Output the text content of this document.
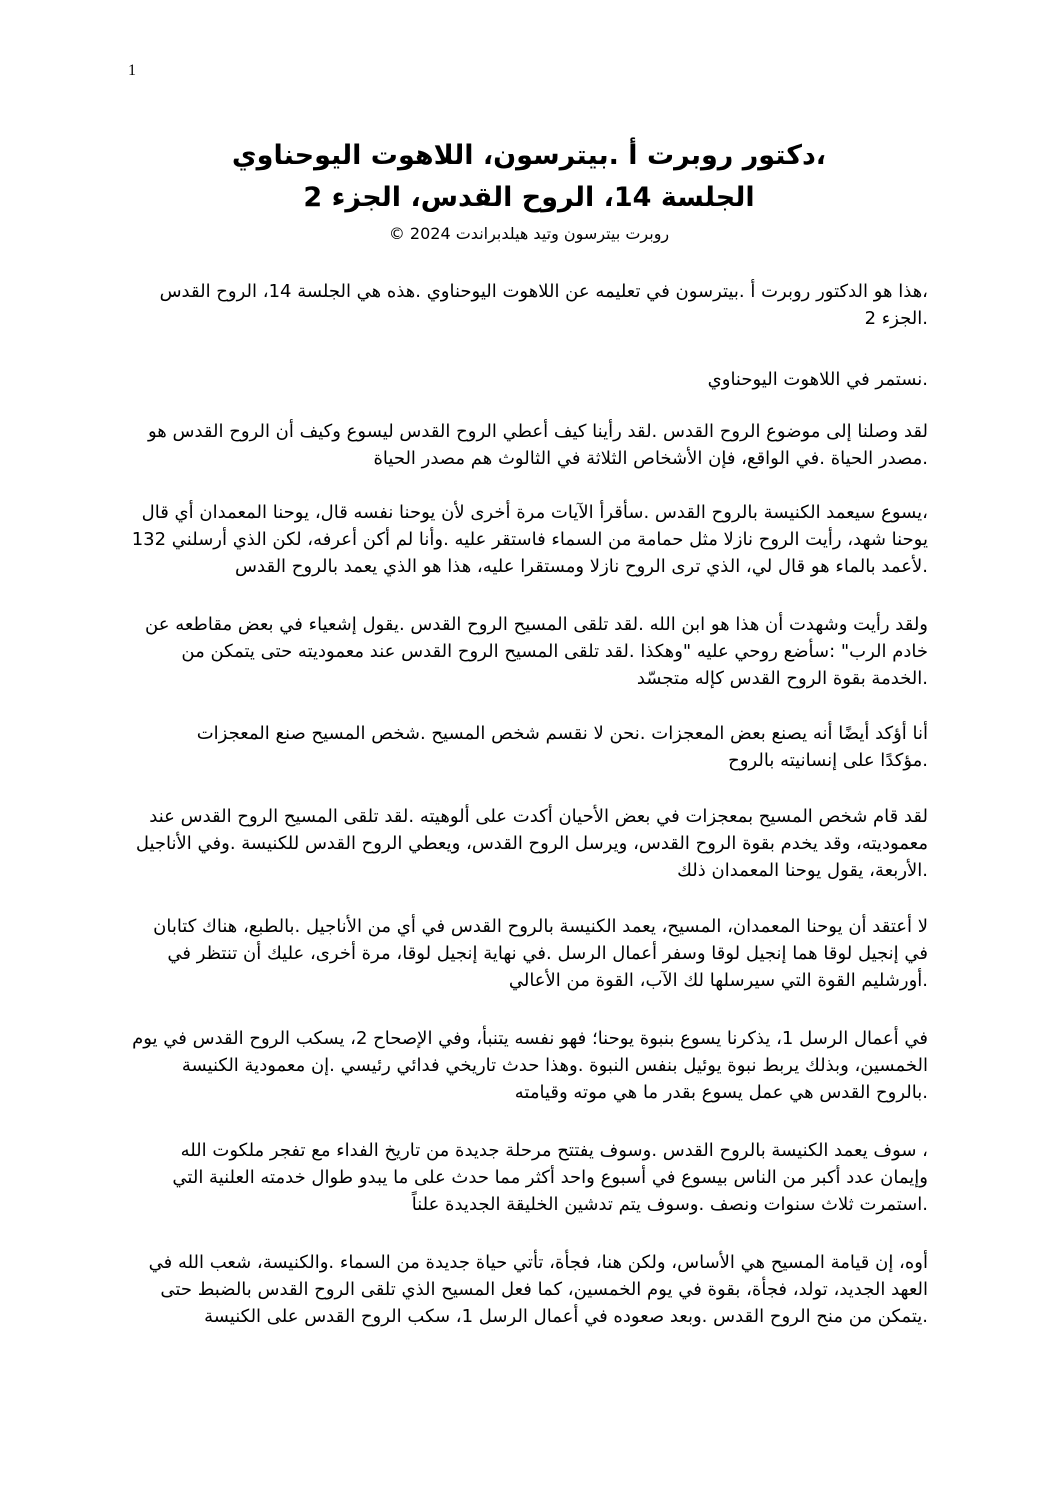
1
،دكتور روبرت أ .بيترسون، اللاهوت اليوحناوي
الجلسة 14، الروح القدس، الجزء 2
روبرت بيترسون وتيد هيلدبراندت 2024 ©
،هذا هو الدكتور روبرت أ .بيترسون في تعليمه عن اللاهوت اليوحناوي .هذه هي الجلسة 14، الروح القدس
.الجزء 2
.نستمر في اللاهوت اليوحناوي
لقد وصلنا إلى موضوع الروح القدس .لقد رأينا كيف أعطي الروح القدس ليسوع وكيف أن الروح القدس هو
.مصدر الحياة .في الواقع، فإن الأشخاص الثلاثة في الثالوث هم مصدر الحياة
،يسوع سيعمد الكنيسة بالروح القدس .سأقرأ الآيات مرة أخرى لأن يوحنا نفسه قال، يوحنا المعمدان أي قال
يوحنا شهد، رأيت الروح نازلا مثل حمامة من السماء فاستقر عليه .وأنا لم أكن أعرفه، لكن الذي أرسلني 132
.لأعمد بالماء هو قال لي، الذي ترى الروح نازلا ومستقرا عليه، هذا هو الذي يعمد بالروح القدس
ولقد رأيت وشهدت أن هذا هو ابن الله .لقد تلقى المسيح الروح القدس .يقول إشعياء في بعض مقاطعه عن
خادم الرب" :سأضع روحي عليه "وهكذا .لقد تلقى المسيح الروح القدس عند معموديته حتى يتمكن من
.الخدمة بقوة الروح القدس كإله متجسّد
أنا أؤكد أيضًا أنه يصنع بعض المعجزات .نحن لا نقسم شخص المسيح .شخص المسيح صنع المعجزات
.مؤكدًا على إنسانيته بالروح
لقد قام شخص المسيح بمعجزات في بعض الأحيان أكدت على ألوهيته .لقد تلقى المسيح الروح القدس عند
معموديته، وقد يخدم بقوة الروح القدس، ويرسل الروح القدس، ويعطي الروح القدس للكنيسة .وفي الأناجيل
.الأربعة، يقول يوحنا المعمدان ذلك
لا أعتقد أن يوحنا المعمدان، المسيح، يعمد الكنيسة بالروح القدس في أي من الأناجيل .بالطبع، هناك كتابان
في إنجيل لوقا هما إنجيل لوقا وسفر أعمال الرسل .في نهاية إنجيل لوقا، مرة أخرى، عليك أن تنتظر في
.أورشليم القوة التي سيرسلها لك الآب، القوة من الأعالي
في أعمال الرسل 1، يذكرنا يسوع بنبوة يوحنا؛ فهو نفسه يتنبأ، وفي الإصحاح 2، يسكب الروح القدس في يوم
الخمسين، وبذلك يربط نبوة يوئيل بنفس النبوة .وهذا حدث تاريخي فدائي رئيسي .إن معمودية الكنيسة
.بالروح القدس هي عمل يسوع بقدر ما هي موته وقيامته
، سوف يعمد الكنيسة بالروح القدس .وسوف يفتتح مرحلة جديدة من تاريخ الفداء مع تفجر ملكوت الله
وإيمان عدد أكبر من الناس بيسوع في أسبوع واحد أكثر مما حدث على ما يبدو طوال خدمته العلنية التي
.استمرت ثلاث سنوات ونصف .وسوف يتم تدشين الخليقة الجديدة علناً
أوه، إن قيامة المسيح هي الأساس، ولكن هنا، فجأة، تأتي حياة جديدة من السماء .والكنيسة، شعب الله في
العهد الجديد، تولد، فجأة، بقوة في يوم الخمسين، كما فعل المسيح الذي تلقى الروح القدس بالضبط حتى
.يتمكن من منح الروح القدس .وبعد صعوده في أعمال الرسل 1، سكب الروح القدس على الكنيسة
